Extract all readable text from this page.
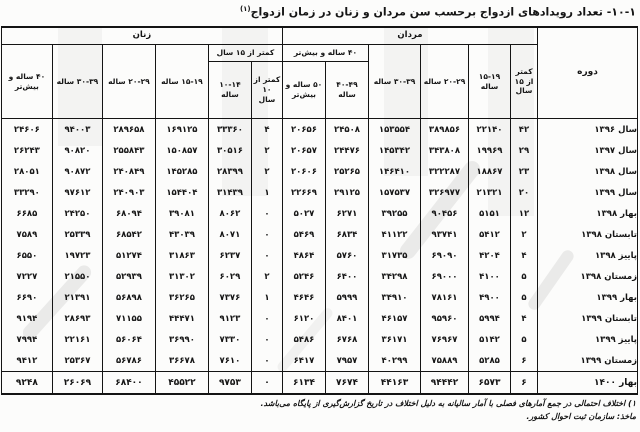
۱۰-۱- تعداد رویدادهای ازدواج برحسب سن مردان و زنان در زمان ازدواج$^{(۱)}$
دوره	مردان						زنان					
	کمتر از ۱۵ سال	۱۵-۱۹ ساله	۲۰-۲۹ ساله	۳۰-۳۹ ساله	۴۰ ساله و بیش‌تر		کمتر از ۱۵ سال		۱۵-۱۹ ساله	۲۰-۲۹ ساله	۳۰-۳۹ ساله	۴۰ ساله و بیش‌تر
					۴۰-۴۹ ساله	۵۰ ساله و بیش‌تر	کمتر از ۱۰ سال	۱۰-۱۴ ساله				

سال ۱۳۹۶	۴۲	۲۲۱۴۰	۳۸۹۸۵۶	۱۵۳۵۵۴	۲۴۵۰۸	۲۰۶۵۶	۴	۳۳۳۶۰	۱۶۹۱۲۵	۲۸۹۶۵۸	۹۴۰۰۳	۲۴۶۰۶

سال ۱۳۹۷	۲۹	۱۹۹۶۹	۳۴۳۸۰۸	۱۴۵۳۴۲	۲۴۴۷۶	۲۰۶۵۷	۲	۳۰۵۱۶	۱۵۰۸۵۷	۲۵۵۸۴۳	۹۰۸۲۰	۲۶۲۴۳

سال ۱۳۹۸	۲۳	۱۸۸۶۷	۳۲۲۲۸۷	۱۴۶۴۱۰	۲۵۲۶۵	۲۰۶۰۶	۲	۲۸۳۹۹	۱۴۵۲۸۵	۲۴۰۸۴۹	۹۰۸۷۲	۲۸۰۵۱

سال ۱۳۹۹	۲۰	۲۱۳۲۱	۳۲۶۹۷۷	۱۵۷۵۳۷	۲۹۱۲۵	۲۲۶۶۹	۱	۳۱۴۳۹	۱۵۴۴۰۴	۲۴۰۹۰۳	۹۷۶۱۲	۳۳۲۹۰

بهار ۱۳۹۸	۱۲	۵۱۵۱	۹۰۴۵۶	۳۹۲۵۵	۶۲۷۱	۵۰۲۷	۰	۸۰۶۲	۳۹۰۸۱	۶۸۰۹۴	۲۴۲۵۰	۶۶۸۵

تابستان ۱۳۹۸	۲	۵۴۱۲	۹۳۷۴۱	۴۱۱۲۲	۶۸۳۴	۵۴۶۹	۰	۸۰۷۱	۴۳۰۳۹	۶۸۵۴۲	۲۵۳۳۹	۷۵۸۹

پاییز ۱۳۹۸	۴	۴۲۰۴	۶۹۰۹۰	۳۱۷۳۵	۵۷۶۰	۴۸۶۴	۰	۶۲۳۷	۳۱۸۶۳	۵۱۲۷۴	۱۹۷۲۳	۶۵۵۰

زمستان ۱۳۹۸	۵	۴۱۰۰	۶۹۰۰۰	۳۴۲۹۸	۶۴۰۰	۵۲۴۶	۲	۶۰۲۹	۳۱۳۰۲	۵۲۹۳۹	۲۱۵۵۰	۷۲۲۷

بهار ۱۳۹۹	۵	۴۹۰۰	۷۸۱۶۱	۳۴۹۱۰	۵۹۹۹	۴۶۴۶	۱	۷۳۷۶	۳۶۲۶۵	۵۶۸۹۸	۲۱۳۹۱	۶۶۹۰

تابستان ۱۳۹۹	۴	۵۹۹۴	۹۵۹۶۰	۴۶۱۵۷	۸۴۰۱	۶۱۲۰	۰	۹۱۲۳	۴۴۴۷۱	۷۱۱۵۵	۲۸۶۹۳	۹۱۹۴

پاییز ۱۳۹۹	۵	۵۱۴۲	۷۶۹۶۷	۳۶۱۷۱	۶۷۶۸	۵۴۸۶	۰	۷۳۳۰	۳۶۹۹۰	۵۶۰۶۴	۲۲۱۶۱	۷۹۹۴

زمستان ۱۳۹۹	۶	۵۲۸۵	۷۵۸۸۹	۴۰۲۹۹	۷۹۵۷	۶۴۱۷	۰	۷۶۱۰	۳۶۶۷۸	۵۶۷۸۶	۲۵۳۶۷	۹۴۱۲

بهار ۱۴۰۰	۶	۶۵۷۳	۹۴۴۴۲	۴۴۱۶۳	۷۶۷۴	۶۱۳۴	۰	۹۷۵۳	۴۵۵۲۲	۶۸۴۰۰	۲۶۰۶۹	۹۲۴۸
۱) اختلاف احتمالی در جمع آمارهای فصلی با آمار سالیانه به دلیل اختلاف در تاریخ گزارش‌گیری از پایگاه می‌باشد.
ماخذ: سازمان ثبت احوال کشور.
